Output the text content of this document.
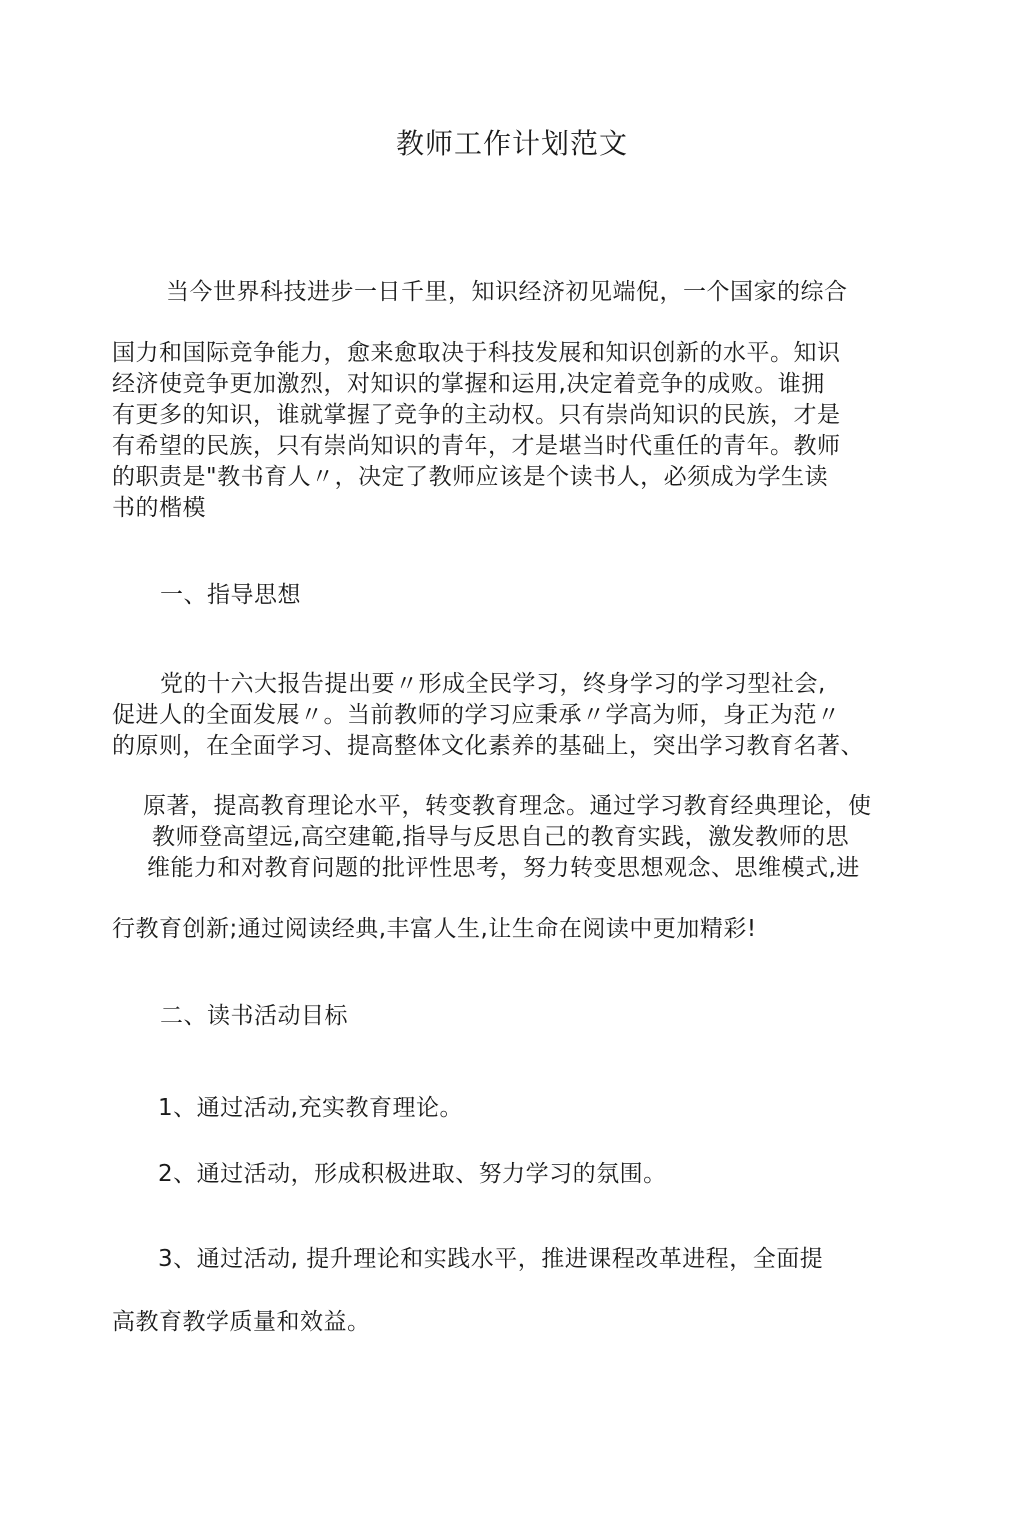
教师工作计划范文
当今世界科技进步一日千里，知识经济初见端倪，一个国家的综合
国力和国际竞争能力，愈来愈取决于科技发展和知识创新的水平。知识
经济使竞争更加激烈，对知识的掌握和运用,决定着竞争的成败。谁拥
有更多的知识，谁就掌握了竞争的主动权。只有崇尚知识的民族，才是
有希望的民族，只有崇尚知识的青年，才是堪当时代重任的青年。教师
的职责是"教书育人〃，决定了教师应该是个读书人，必须成为学生读
书的楷模
一、指导思想
党的十六大报告提出要〃形成全民学习，终身学习的学习型社会,
促进人的全面发展〃。当前教师的学习应秉承〃学高为师，身正为范〃
的原则，在全面学习、提高整体文化素养的基础上，突出学习教育名著、
原著，提高教育理论水平，转变教育理念。通过学习教育经典理论，使
教师登高望远,高空建範,指导与反思自己的教育实践，激发教师的思
维能力和对教育问题的批评性思考，努力转变思想观念、思维模式,进
行教育创新;通过阅读经典,丰富人生,让生命在阅读中更加精彩!
二、读书活动目标
1、通过活动,充实教育理论。
2、通过活动，形成积极进取、努力学习的氛围。
3、通过活动, 提升理论和实践水平，推进课程改革进程，全面提
高教育教学质量和效益。
